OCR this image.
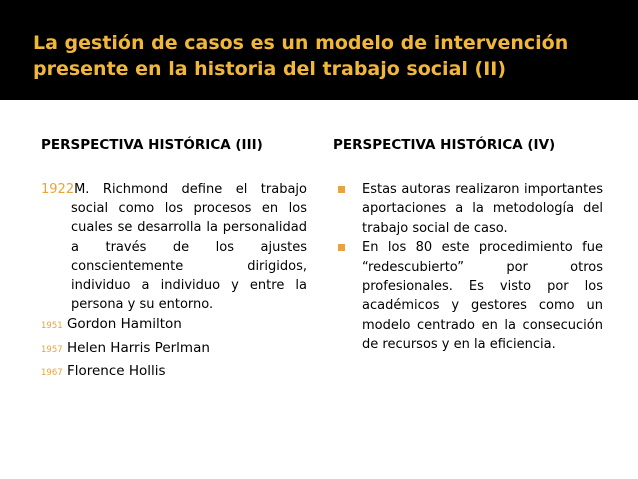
La gestión de casos es un modelo de intervención presente en la historia del trabajo social (II)
PERSPECTIVA HISTÓRICA (III)	PERSPECTIVA HISTÓRICA (IV)

1922M. Richmond define el trabajo social como los procesos en los cuales se desarrolla la personalidad a través de los ajustes conscientemente dirigidos, individuo a individuo y entre la persona y su entorno.

1951 Gordon Hamilton

1957 Helen Harris Perlman

1967 Florence Hollis

Estas autoras realizaron importantes aportaciones a la metodología del trabajo social de caso.

En los 80 este procedimiento fue “redescubierto” por otros profesionales. Es visto por los académicos y gestores como un modelo centrado en la consecución de recursos y en la eficiencia.
